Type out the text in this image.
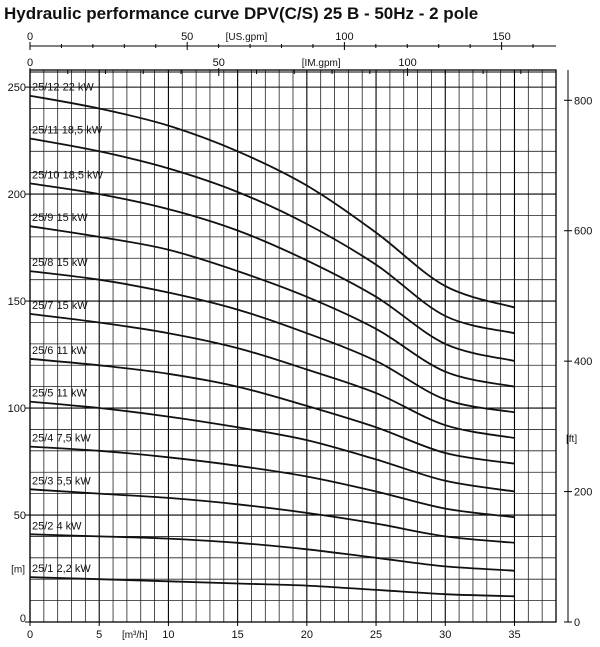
Hydraulic performance curve DPV(C/S) 25 B - 50Hz - 2 pole
0	5	10	15	20	25	30	35
[m³/h]
0
50
100
150
200
250
[m]
0
200
400
600
800
[ft]
0	50	100	150
[US.gpm]
0	50	100
[IM.gpm]
25/12 22 kW
25/11 18,5 kW
25/10 18,5 kW
25/9 15 kW
25/8 15 kW
25/7 15 kW
25/6 11 kW
25/5 11 kW
25/4 7,5 kW
25/3 5,5 kW
25/2 4 kW
25/1 2,2 kW
